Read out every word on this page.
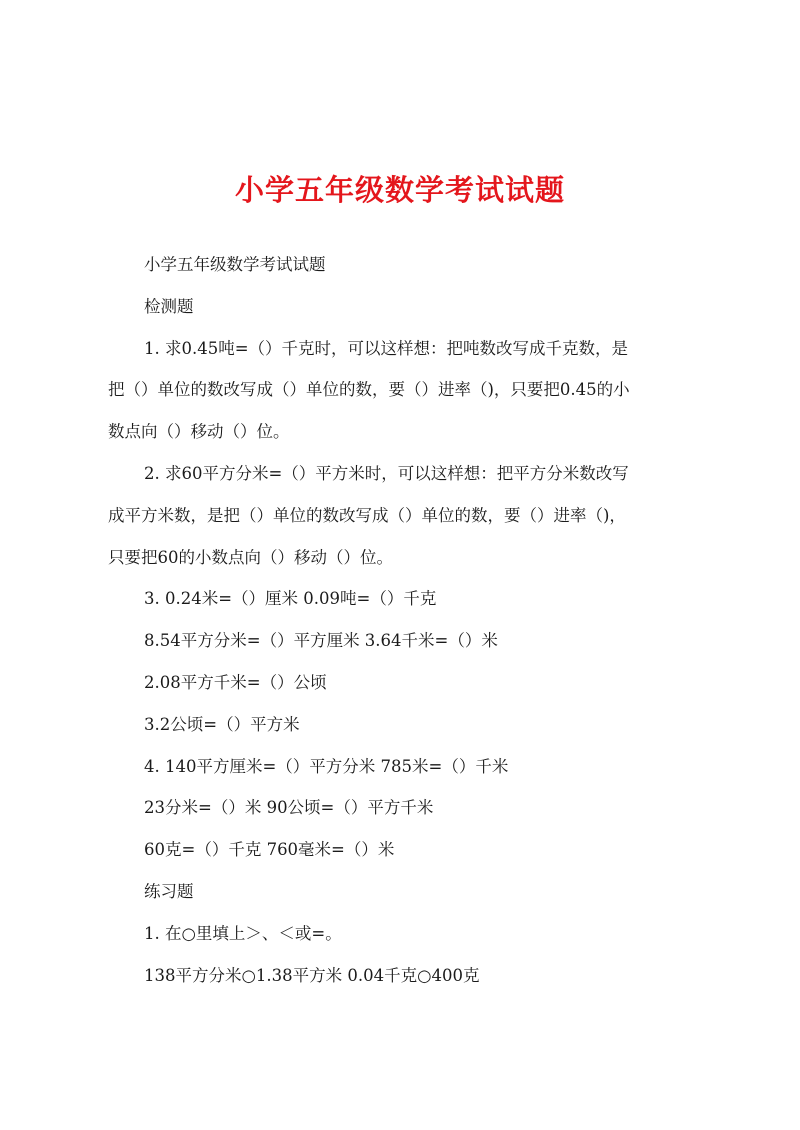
小学五年级数学考试试题

小学五年级数学考试试题

检测题

1. 求0.45吨=（）千克时，可以这样想：把吨数改写成千克数，是

把（）单位的数改写成（）单位的数，要（）进率（)，只要把0.45的小

数点向（）移动（）位。

2. 求60平方分米=（）平方米时，可以这样想：把平方分米数改写

成平方米数，是把（）单位的数改写成（）单位的数，要（）进率（)，

只要把60的小数点向（）移动（）位。

3. 0.24米=（）厘米 0.09吨=（）千克

8.54平方分米=（）平方厘米 3.64千米=（）米

2.08平方千米=（）公顷

3.2公顷=（）平方米

4. 140平方厘米=（）平方分米 785米=（）千米

23分米=（）米 90公顷=（）平方千米

60克=（）千克 760毫米=（）米

练习题

1. 在○里填上＞、＜或=。

138平方分米○1.38平方米 0.04千克○400克
